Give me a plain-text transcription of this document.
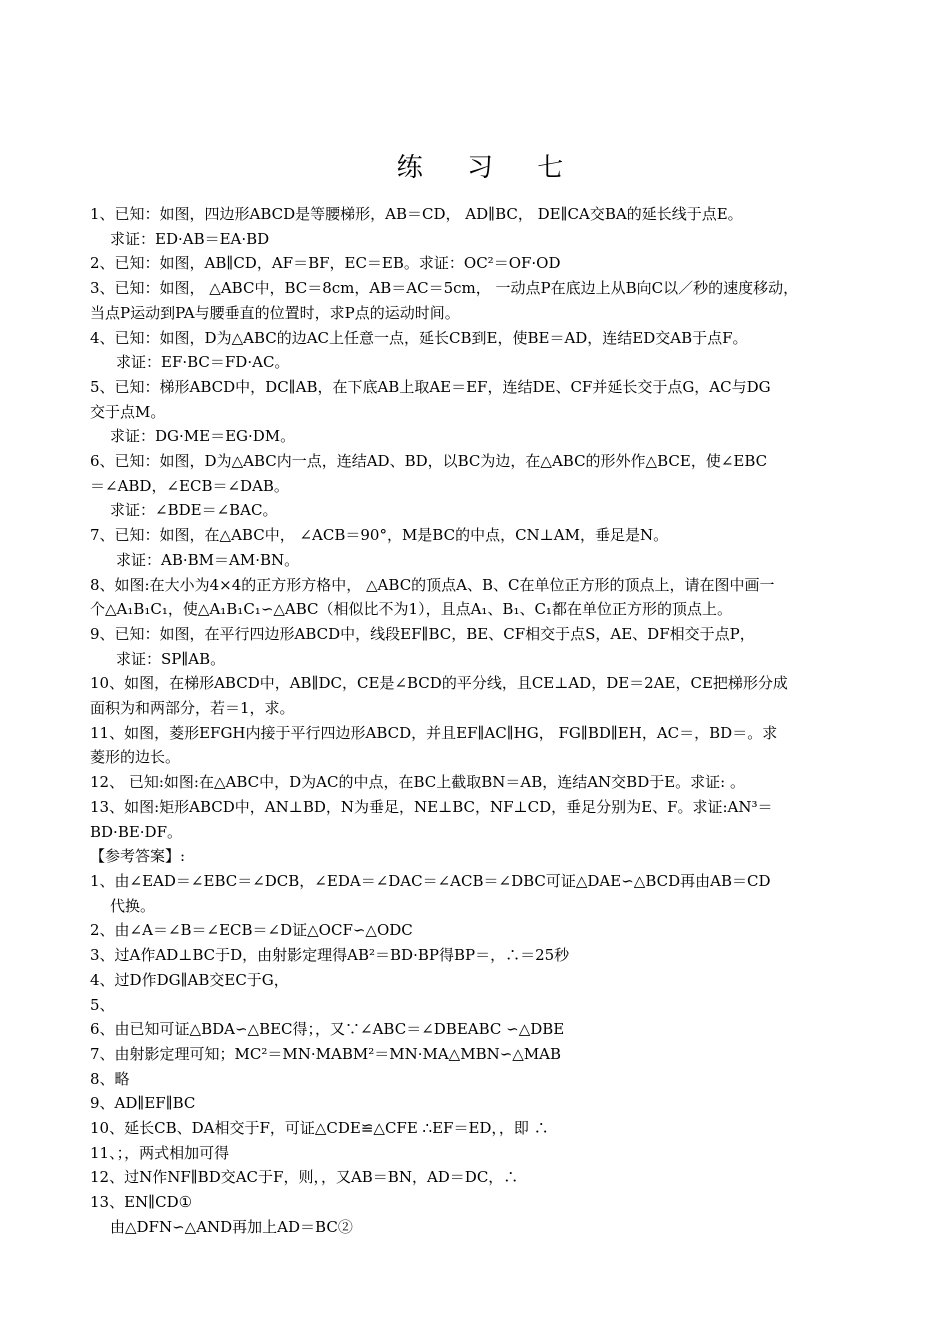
练 习 七
1、已知：如图，四边形ABCD是等腰梯形，AB＝CD， AD∥BC， DE∥CA交BA的延长线于点E。
求证：ED·AB＝EA·BD
2、已知：如图，AB∥CD，AF＝BF，EC＝EB。求证：OC²＝OF·OD
3、已知：如图， △ABC中，BC＝8cm，AB＝AC＝5cm， 一动点P在底边上从B向C以／秒的速度移动，
当点P运动到PA与腰垂直的位置时，求P点的运动时间。
4、已知：如图，D为△ABC的边AC上任意一点，延长CB到E，使BE＝AD，连结ED交AB于点F。
求证：EF·BC＝FD·AC。
5、已知：梯形ABCD中，DC∥AB，在下底AB上取AE＝EF，连结DE、CF并延长交于点G，AC与DG
交于点M。
求证：DG·ME＝EG·DM。
6、已知：如图，D为△ABC内一点，连结AD、BD，以BC为边，在△ABC的形外作△BCE，使∠EBC
＝∠ABD，∠ECB＝∠DAB。
求证：∠BDE＝∠BAC。
7、已知：如图，在△ABC中， ∠ACB＝90°，M是BC的中点，CN⊥AM，垂足是N。
求证：AB·BM＝AM·BN。
8、如图:在大小为4×4的正方形方格中， △ABC的顶点A、B、C在单位正方形的顶点上，请在图中画一
个△A₁B₁C₁，使△A₁B₁C₁∽△ABC（相似比不为1），且点A₁、B₁、C₁都在单位正方形的顶点上。
9、已知：如图，在平行四边形ABCD中，线段EF∥BC，BE、CF相交于点S，AE、DF相交于点P，
求证：SP∥AB。
10、如图，在梯形ABCD中，AB∥DC，CE是∠BCD的平分线，且CE⊥AD，DE＝2AE，CE把梯形分成
面积为和两部分，若＝1，求。
11、如图，菱形EFGH内接于平行四边形ABCD，并且EF∥AC∥HG， FG∥BD∥EH，AC＝，BD＝。求
菱形的边长。
12、 已知:如图:在△ABC中，D为AC的中点，在BC上截取BN＝AB，连结AN交BD于E。求证: 。
13、如图:矩形ABCD中，AN⊥BD，N为垂足，NE⊥BC，NF⊥CD，垂足分别为E、F。求证:AN³＝
BD·BE·DF。
【参考答案】:
1、由∠EAD＝∠EBC＝∠DCB，∠EDA＝∠DAC＝∠ACB＝∠DBC可证△DAE∽△BCD再由AB＝CD
代换。
2、由∠A＝∠B＝∠ECB＝∠D证△OCF∽△ODC
3、过A作AD⊥BC于D，由射影定理得AB²＝BD·BP得BP＝，∴＝25秒
4、过D作DG∥AB交EC于G，
5、
6、由已知可证△BDA∽△BEC得；，又∵∠ABC＝∠DBEABC ∽△DBE
7、由射影定理可知；MC²＝MN·MABM²＝MN·MA△MBN∽△MAB
8、略
9、AD∥EF∥BC
10、延长CB、DA相交于F，可证△CDE≌△CFE ∴EF＝ED，，即 ∴
11、；，两式相加可得
12、过N作NF∥BD交AC于F，则，，又AB＝BN，AD＝DC，∴
13、EN∥CD①
由△DFN∽△AND再加上AD＝BC②
